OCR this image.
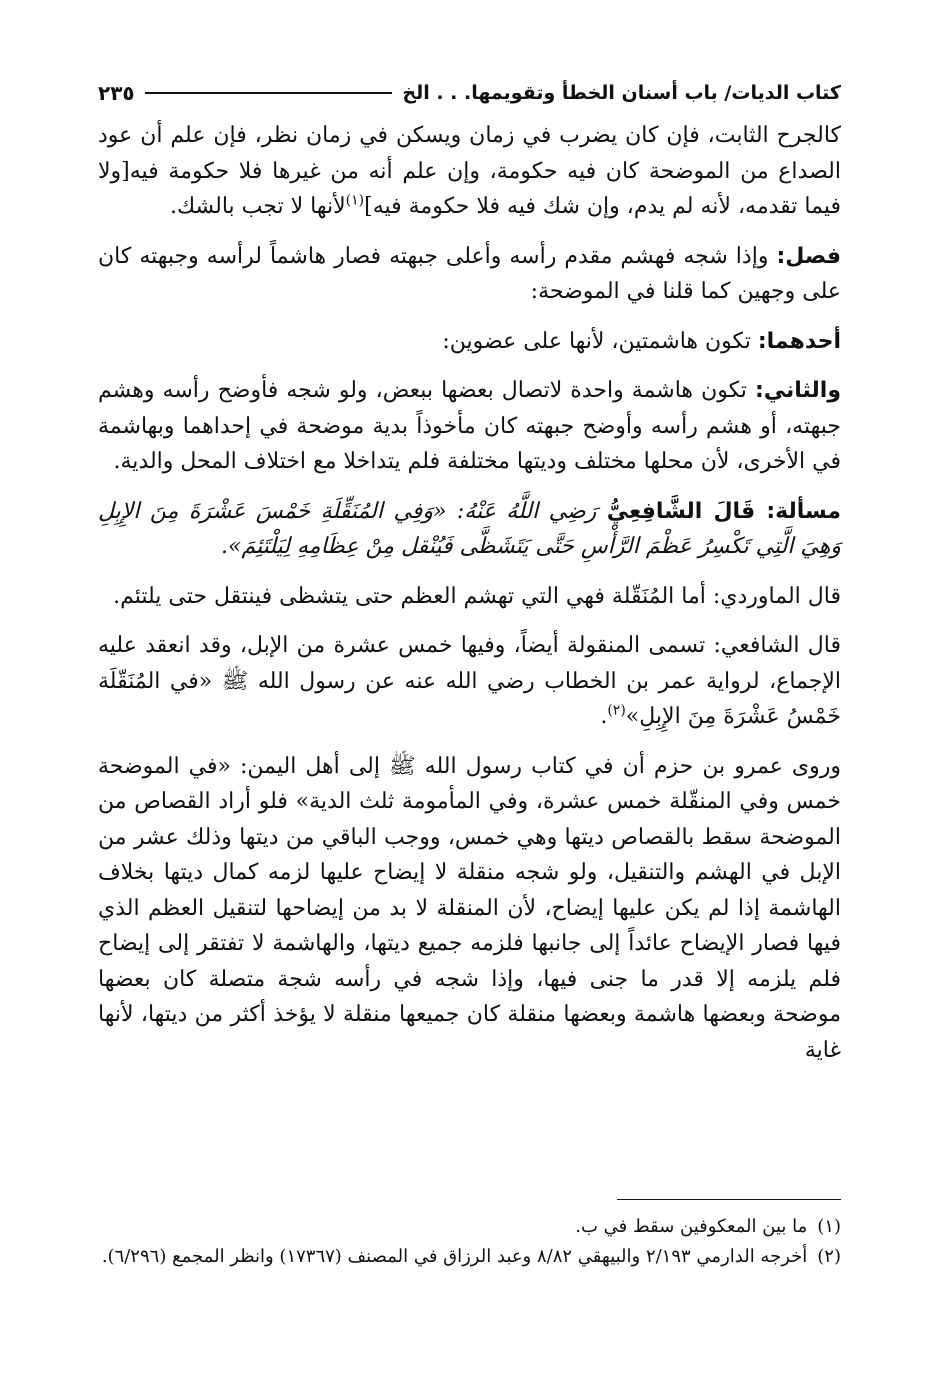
كتاب الديات/ باب أسنان الخطأ وتقويمها. . . الخ
٢٣٥

كالجرح الثابت، فإن كان يضرب في زمان ويسكن في زمان نظر، فإن علم أن عود الصداع من الموضحة كان فيه حكومة، وإن علم أنه من غيرها فلا حكومة فيه[ولا فيما تقدمه، لأنه لم يدم، وإن شك فيه فلا حكومة فيه]$^{(١)}$لأنها لا تجب بالشك.

فصل: وإذا شجه فهشم مقدم رأسه وأعلى جبهته فصار هاشماً لرأسه وجبهته كان على وجهين كما قلنا في الموضحة:

أحدهما: تكون هاشمتين، لأنها على عضوين:

والثاني: تكون هاشمة واحدة لاتصال بعضها ببعض، ولو شجه فأوضح رأسه وهشم جبهته، أو هشم رأسه وأوضح جبهته كان مأخوذاً بدية موضحة في إحداهما وبهاشمة في الأخرى، لأن محلها مختلف وديتها مختلفة فلم يتداخلا مع اختلاف المحل والدية.

مسألة: قَالَ الشَّافِعِيُّ رَضِي اللَّهُ عَنْهُ: «وَفِي المُنَقِّلَةِ خَمْسَ عَشْرَةَ مِنَ الإِبِلِ وَهِيَ الَّتِي تَكْسِرُ عَظْمَ الرَّأْسِ حَتَّى يَتَشَظَّى فَيُنْقل مِنْ عِظَامِهِ لِيَلْتَئِمَ».

قال الماوردي: أما المُنَقّلة فهي التي تهشم العظم حتى يتشظى فينتقل حتى يلتئم.

قال الشافعي: تسمى المنقولة أيضاً، وفيها خمس عشرة من الإبل، وقد انعقد عليه الإجماع، لرواية عمر بن الخطاب رضي الله عنه عن رسول الله ﷺ «في المُنَقّلَة خَمْسُ عَشْرَةَ مِنَ الإِبِلِ»$^{(٢)}$.

وروى عمرو بن حزم أن في كتاب رسول الله ﷺ إلى أهل اليمن: «في الموضحة خمس وفي المنقّلة خمس عشرة، وفي المأمومة ثلث الدية» فلو أراد القصاص من الموضحة سقط بالقصاص ديتها وهي خمس، ووجب الباقي من ديتها وذلك عشر من الإبل في الهشم والتنقيل، ولو شجه منقلة لا إيضاح عليها لزمه كمال ديتها بخلاف الهاشمة إذا لم يكن عليها إيضاح، لأن المنقلة لا بد من إيضاحها لتنقيل العظم الذي فيها فصار الإيضاح عائداً إلى جانبها فلزمه جميع ديتها، والهاشمة لا تفتقر إلى إيضاح فلم يلزمه إلا قدر ما جنى فيها، وإذا شجه في رأسه شجة متصلة كان بعضها موضحة وبعضها هاشمة وبعضها منقلة كان جميعها منقلة لا يؤخذ أكثر من ديتها، لأنها غاية

(١)ما بين المعكوفين سقط في ب.

(٢)أخرجه الدارمي ٢/١٩٣ والبيهقي ٨/٨٢ وعبد الرزاق في المصنف (١٧٣٦٧) وانظر المجمع (٦/٢٩٦).
